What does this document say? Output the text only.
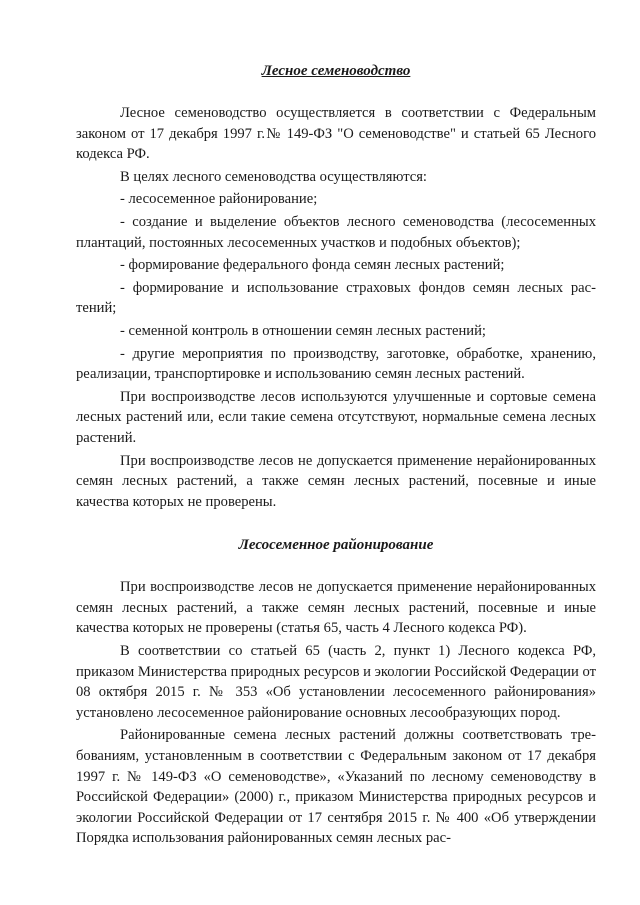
Лесное семеноводство

Лесное семеноводство осуществляется в соответствии с Федеральным законом от 17 декабря 1997 г.№ 149-ФЗ "О семеноводстве" и статьей 65 Лесного кодекса РФ.

В целях лесного семеноводства осуществляются:

- лесосеменное районирование;

- создание и выделение объектов лесного семеноводства (лесосеменных плантаций, постоянных лесосеменных участков и подобных объектов);

- формирование федерального фонда семян лесных растений;

- формирование и использование страховых фондов семян лесных растений;

- семенной контроль в отношении семян лесных растений;

- другие мероприятия по производству, заготовке, обработке, хранению, реализации, транспортировке и использованию семян лесных растений.

При воспроизводстве лесов используются улучшенные и сортовые семена лесных растений или, если такие семена отсутствуют, нормальные семена лесных растений.

При воспроизводстве лесов не допускается применение нерайонированных семян лесных растений, а также семян лесных растений, посевные и иные качества которых не проверены.

Лесосеменное районирование

При воспроизводстве лесов не допускается применение нерайонированных семян лесных растений, а также семян лесных растений, посевные и иные качества которых не проверены (статья 65, часть 4 Лесного кодекса РФ).

В соответствии со статьей 65 (часть 2, пункт 1) Лесного кодекса РФ, приказом Министерства природных ресурсов и экологии Российской Федерации от 08 октября 2015 г. № 353 «Об установлении лесосеменного районирования» установлено лесосеменное районирование основных лесообразующих пород.

Районированные семена лесных растений должны соответствовать требованиям, установленным в соответствии с Федеральным законом от 17 декабря 1997 г. № 149-ФЗ «О семеноводстве», «Указаний по лесному семеноводству в Российской Федерации» (2000) г., приказом Министерства природных ресурсов и экологии Российской Федерации от 17 сентября 2015 г. № 400 «Об утверждении Порядка использования районированных семян лесных рас-
